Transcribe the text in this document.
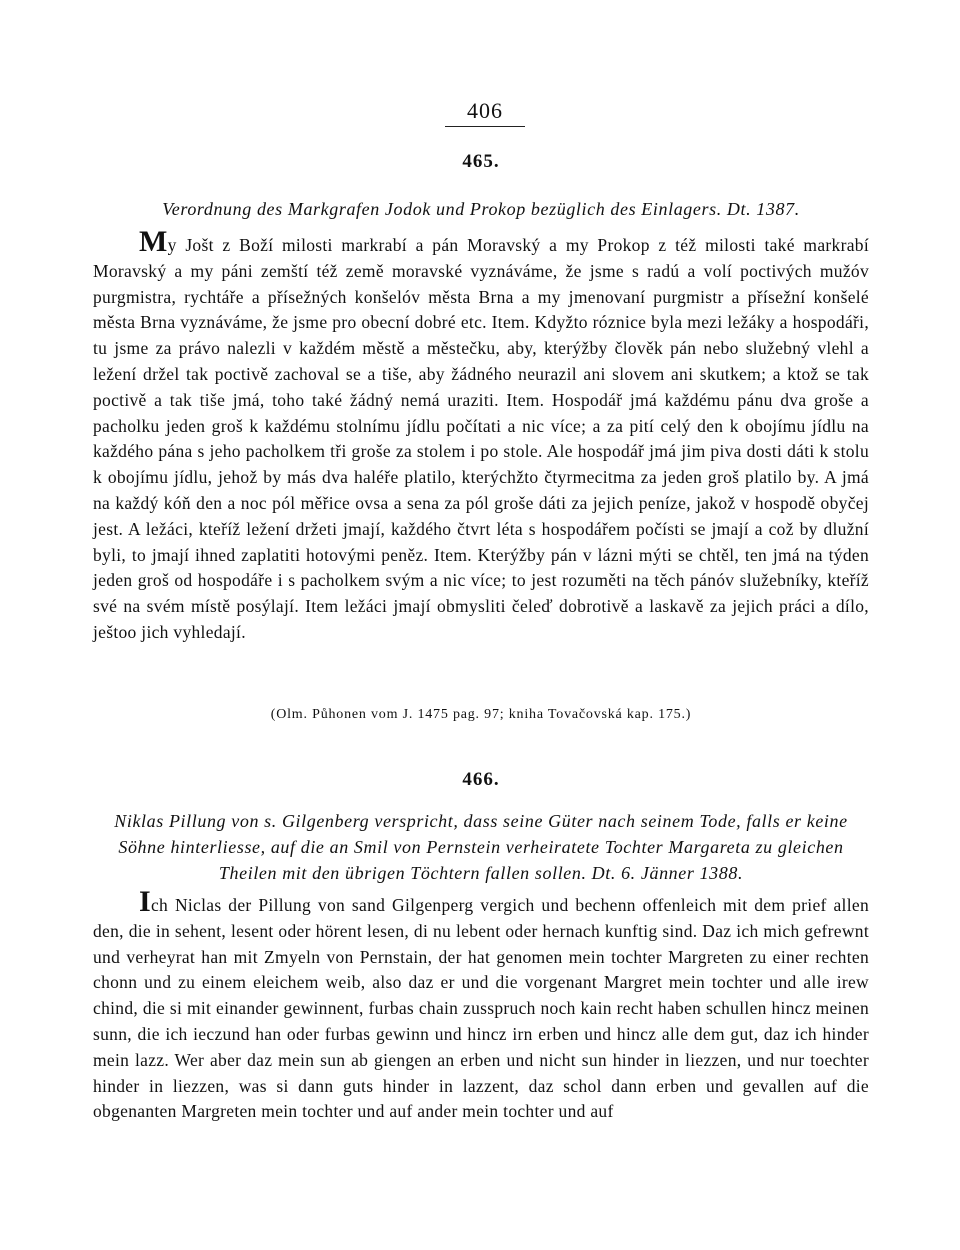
406
465.
Verordnung des Markgrafen Jodok und Prokop bezüglich des Einlagers. Dt. 1387.

My Jošt z Boží milosti markrabí a pán Moravský a my Prokop z též milosti také markrabí Moravský a my páni zemští též země moravské vyznáváme, že jsme s radú a volí poctivých mužóv purgmistra, rychtáře a přísežných konšelóv města Brna a my jmenovaní purgmistr a přísežní konšelé města Brna vyznáváme, že jsme pro obecní dobré etc. Item. Kdyžto róznice byla mezi ležáky a hospodáři, tu jsme za právo nalezli v každém městě a městečku, aby, kterýžby člověk pán nebo služebný vlehl a ležení držel tak poctivě zachoval se a tiše, aby žádného neurazil ani slovem ani skutkem; a ktož se tak poctivě a tak tiše jmá, toho také žádný nemá uraziti. Item. Hospodář jmá každému pánu dva groše a pacholku jeden groš k každému stolnímu jídlu počítati a nic více; a za pití celý den k obojímu jídlu na každého pána s jeho pacholkem tři groše za stolem i po stole. Ale hospodář jmá jim piva dosti dáti k stolu k obojímu jídlu, jehož by más dva haléře platilo, kterýchžto čtyrmecitma za jeden groš platilo by. A jmá na každý kóň den a noc pól měřice ovsa a sena za pól groše dáti za jejich peníze, jakož v hospodě obyčej jest. A ležáci, kteříž ležení držeti jmají, každého čtvrt léta s hospodářem počísti se jmají a což by dlužní byli, to jmají ihned zaplatiti hotovými peněz. Item. Kterýžby pán v lázni mýti se chtěl, ten jmá na týden jeden groš od hospodáře i s pacholkem svým a nic více; to jest rozuměti na těch pánóv služebníky, kteříž své na svém místě posýlají. Item ležáci jmají obmysliti čeleď dobrotivě a laskavě za jejich práci a dílo, ještoo jich vyhledají.

(Olm. Půhonen vom J. 1475 pag. 97; kniha Tovačovská kap. 175.)
466.
Niklas Pillung von s. Gilgenberg verspricht, dass seine Güter nach seinem Tode, falls er keine Söhne hinterliesse, auf die an Smil von Pernstein verheiratete Tochter Margareta zu gleichen Theilen mit den übrigen Töchtern fallen sollen. Dt. 6. Jänner 1388.

Ich Niclas der Pillung von sand Gilgenperg vergich und bechenn offenleich mit dem prief allen den, die in sehent, lesent oder hörent lesen, di nu lebent oder hernach kunftig sind. Daz ich mich gefrewnt und verheyrat han mit Zmyeln von Pernstain, der hat genomen mein tochter Margreten zu einer rechten chonn und zu einem eleichem weib, also daz er und die vorgenant Margret mein tochter und alle irew chind, die si mit einander gewinnent, furbas chain zusspruch noch kain recht haben schullen hincz meinen sunn, die ich ieczund han oder furbas gewinn und hincz irn erben und hincz alle dem gut, daz ich hinder mein lazz. Wer aber daz mein sun ab giengen an erben und nicht sun hinder in liezzen, und nur toechter hinder in liezzen, was si dann guts hinder in lazzent, daz schol dann erben und gevallen auf die obgenanten Margreten mein tochter und auf ander mein tochter und auf
